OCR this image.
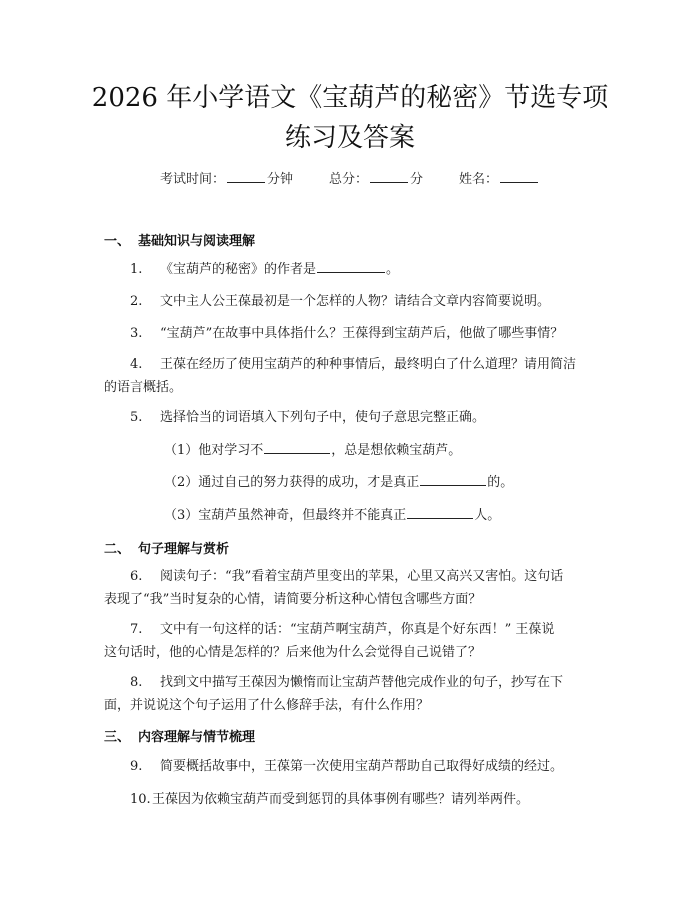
2026 年小学语文《宝葫芦的秘密》节选专项
练习及答案
考试时间：	分钟	总分：	分	姓名：
一、 基础知识与阅读理解
1. 《宝葫芦的秘密》的作者是	。
2. 文中主人公王葆最初是一个怎样的人物？请结合文章内容简要说明。
3. “宝葫芦”在故事中具体指什么？王葆得到宝葫芦后，他做了哪些事情？
4. 王葆在经历了使用宝葫芦的种种事情后，最终明白了什么道理？请用简洁
的语言概括。
5. 选择恰当的词语填入下列句子中，使句子意思完整正确。
（1）他对学习不	，总是想依赖宝葫芦。
（2）通过自己的努力获得的成功，才是真正	的。
（3）宝葫芦虽然神奇，但最终并不能真正	人。
二、 句子理解与赏析
6. 阅读句子：“我”看着宝葫芦里变出的苹果，心里又高兴又害怕。这句话
表现了“我”当时复杂的心情，请简要分析这种心情包含哪些方面？
7. 文中有一句这样的话：“宝葫芦啊宝葫芦，你真是个好东西！” 王葆说
这句话时，他的心情是怎样的？后来他为什么会觉得自己说错了？
8. 找到文中描写王葆因为懒惰而让宝葫芦替他完成作业的句子，抄写在下
面，并说说这个句子运用了什么修辞手法，有什么作用？
三、 内容理解与情节梳理
9. 简要概括故事中，王葆第一次使用宝葫芦帮助自己取得好成绩的经过。
10.王葆因为依赖宝葫芦而受到惩罚的具体事例有哪些？请列举两件。
